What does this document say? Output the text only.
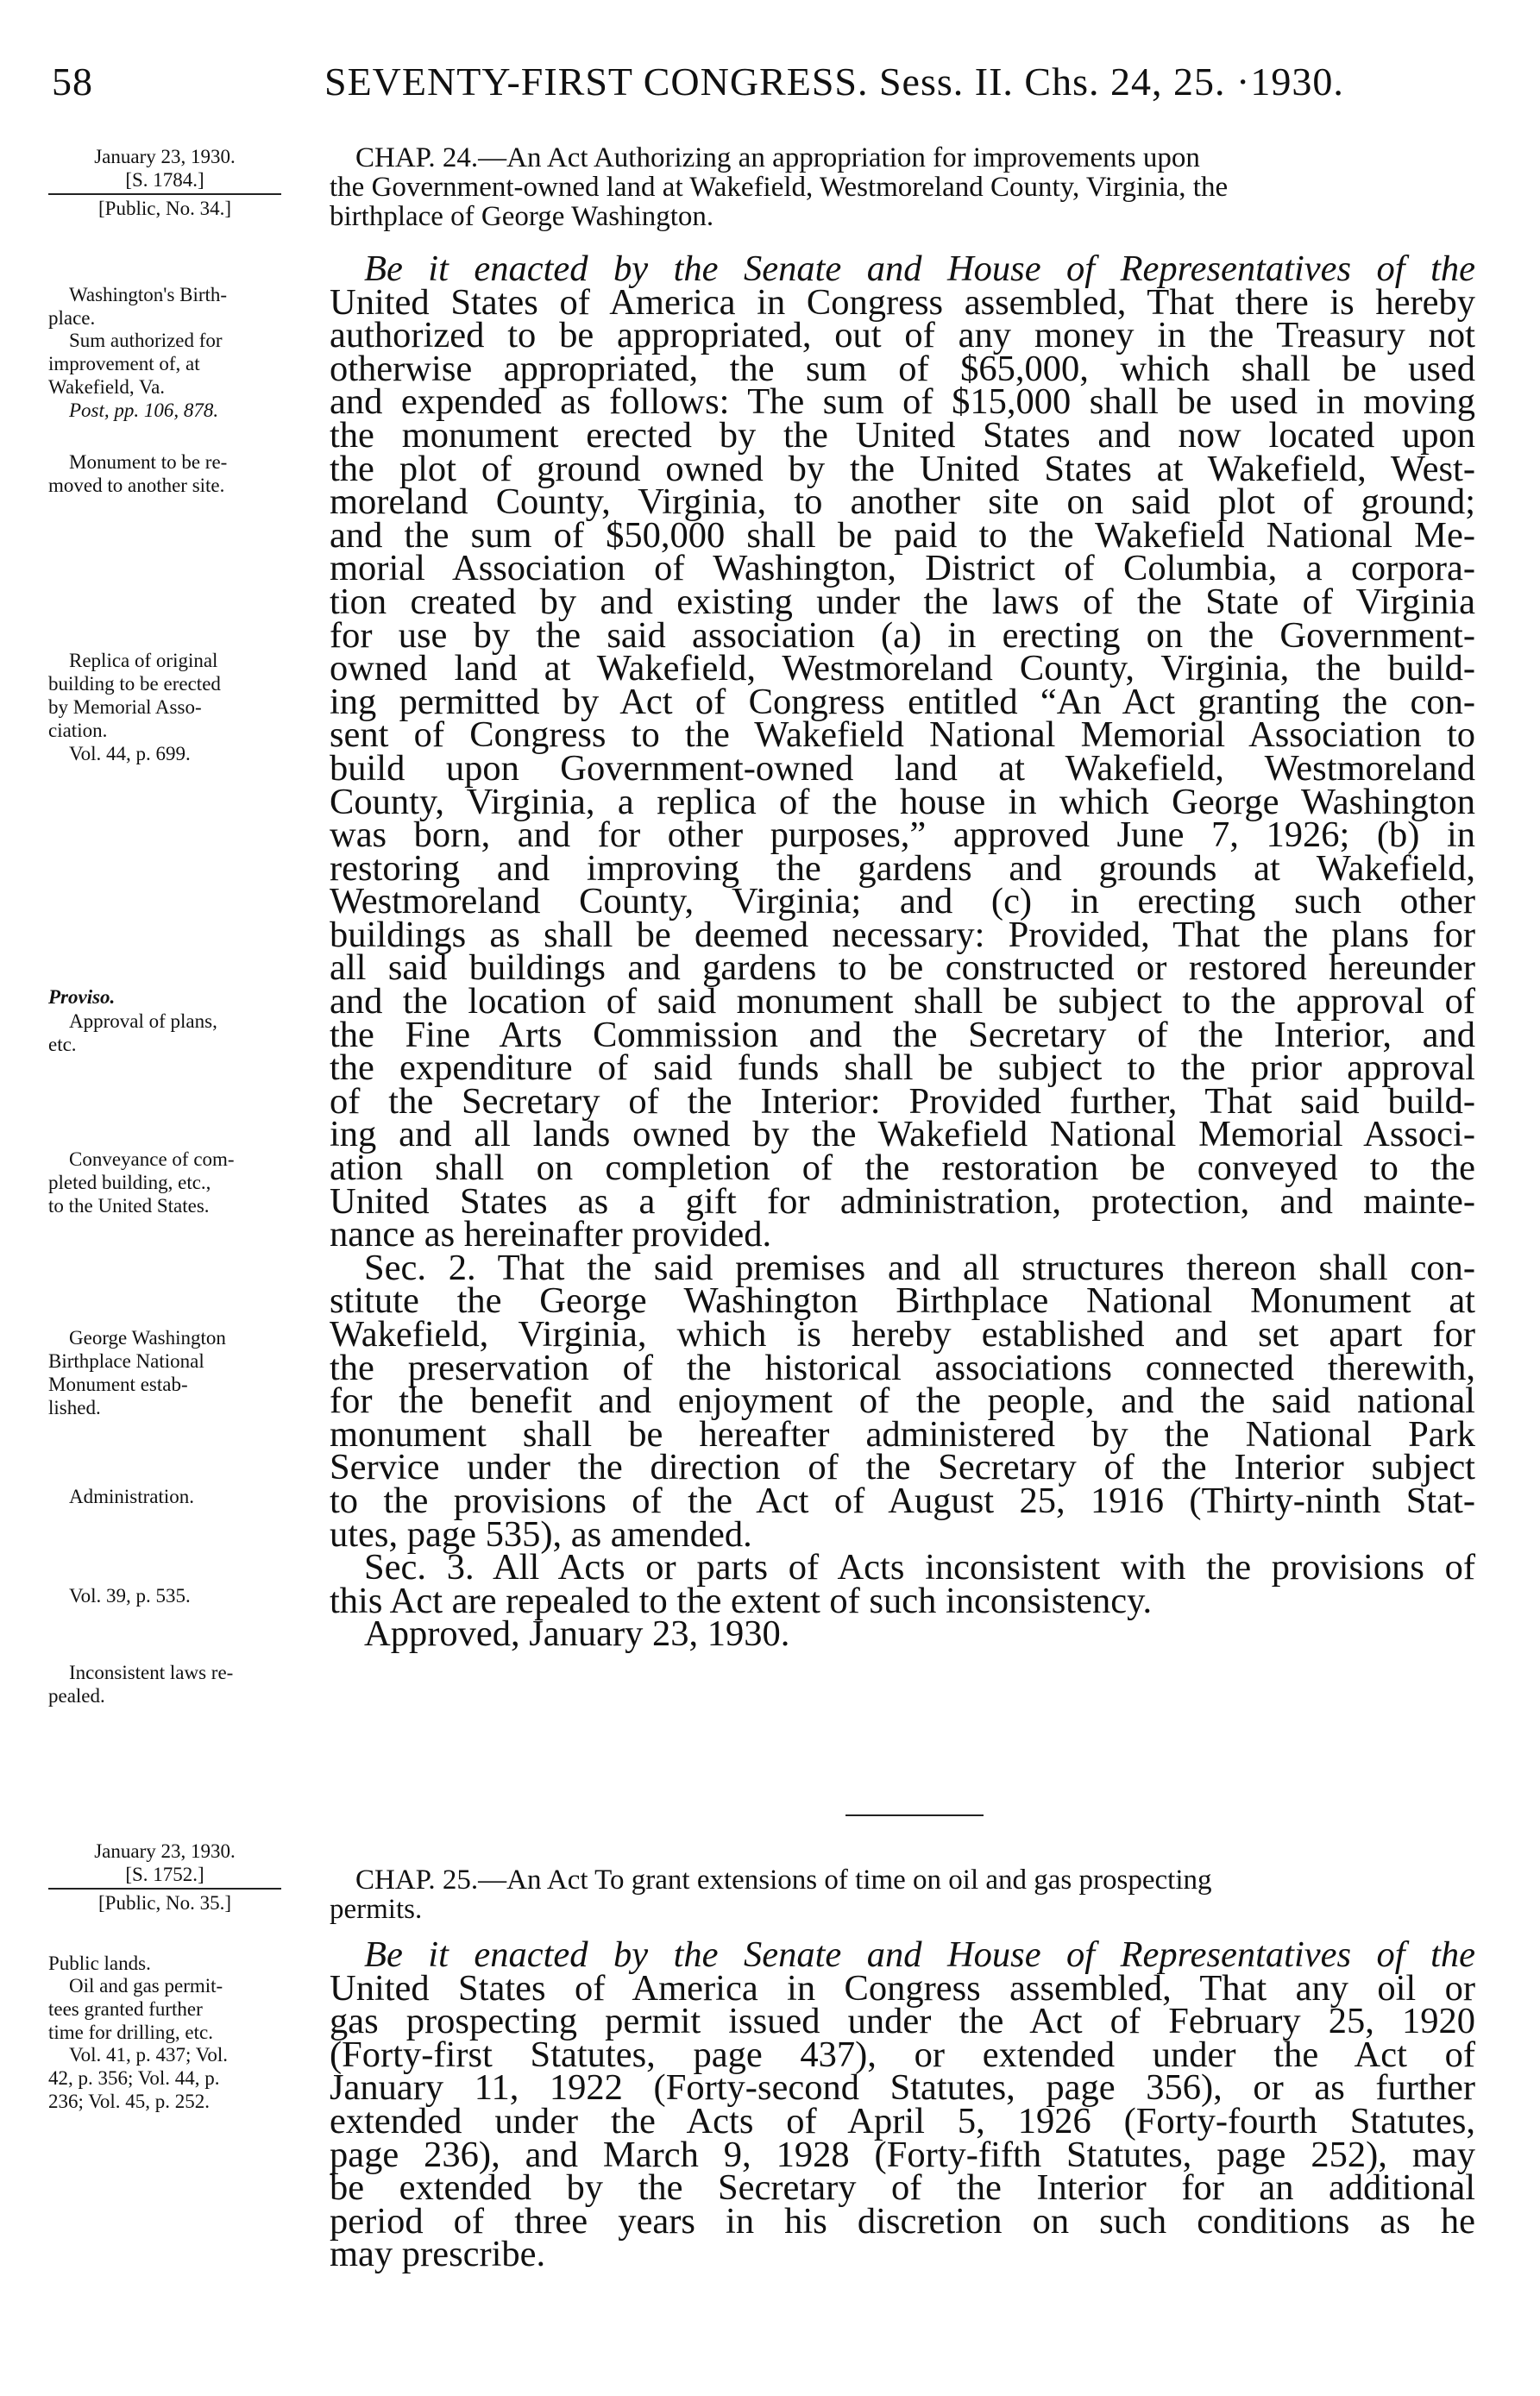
58	SEVENTY-FIRST CONGRESS. Sess. II. Chs. 24, 25. ·1930.
January 23, 1930.
[S. 1784.]
[Public, No. 34.]
CHAP. 24.—An Act Authorizing an appropriation for improvements upon
the Government-owned land at Wakefield, Westmoreland County, Virginia, the
birthplace of George Washington.
Be it enacted by the Senate and House of Representatives of the
United States of America in Congress assembled, That there is hereby
authorized to be appropriated, out of any money in the Treasury not
otherwise appropriated, the sum of $65,000, which shall be used
and expended as follows: The sum of $15,000 shall be used in moving
the monument erected by the United States and now located upon
the plot of ground owned by the United States at Wakefield, West-
moreland County, Virginia, to another site on said plot of ground;
and the sum of $50,000 shall be paid to the Wakefield National Me-
morial Association of Washington, District of Columbia, a corpora-
tion created by and existing under the laws of the State of Virginia
for use by the said association (a) in erecting on the Government-
owned land at Wakefield, Westmoreland County, Virginia, the build-
ing permitted by Act of Congress entitled “An Act granting the con-
sent of Congress to the Wakefield National Memorial Association to
build upon Government-owned land at Wakefield, Westmoreland
County, Virginia, a replica of the house in which George Washington
was born, and for other purposes,” approved June 7, 1926; (b) in
restoring and improving the gardens and grounds at Wakefield,
Westmoreland County, Virginia; and (c) in erecting such other
buildings as shall be deemed necessary: Provided, That the plans for
all said buildings and gardens to be constructed or restored hereunder
and the location of said monument shall be subject to the approval of
the Fine Arts Commission and the Secretary of the Interior, and
the expenditure of said funds shall be subject to the prior approval
of the Secretary of the Interior: Provided further, That said build-
ing and all lands owned by the Wakefield National Memorial Associ-
ation shall on completion of the restoration be conveyed to the
United States as a gift for administration, protection, and mainte-
nance as hereinafter provided.
Sec. 2. That the said premises and all structures thereon shall con-
stitute the George Washington Birthplace National Monument at
Wakefield, Virginia, which is hereby established and set apart for
the preservation of the historical associations connected therewith,
for the benefit and enjoyment of the people, and the said national
monument shall be hereafter administered by the National Park
Service under the direction of the Secretary of the Interior subject
to the provisions of the Act of August 25, 1916 (Thirty-ninth Stat-
utes, page 535), as amended.
Sec. 3. All Acts or parts of Acts inconsistent with the provisions of
this Act are repealed to the extent of such inconsistency.
Approved, January 23, 1930.
Washington's Birth-
place.
Sum authorized for
improvement of, at
Wakefield, Va.
Post, pp. 106, 878.
Monument to be re-
moved to another site.
Replica of original
building to be erected
by Memorial Asso-
ciation.
Vol. 44, p. 699.
Proviso.
Approval of plans,
etc.
Conveyance of com-
pleted building, etc.,
to the United States.
George Washington
Birthplace National
Monument estab-
lished.
Administration.
Vol. 39, p. 535.
Inconsistent laws re-
pealed.
January 23, 1930.
[S. 1752.]
[Public, No. 35.]
CHAP. 25.—An Act To grant extensions of time on oil and gas prospecting
permits.
Be it enacted by the Senate and House of Representatives of the
United States of America in Congress assembled, That any oil or
gas prospecting permit issued under the Act of February 25, 1920
(Forty-first Statutes, page 437), or extended under the Act of
January 11, 1922 (Forty-second Statutes, page 356), or as further
extended under the Acts of April 5, 1926 (Forty-fourth Statutes,
page 236), and March 9, 1928 (Forty-fifth Statutes, page 252), may
be extended by the Secretary of the Interior for an additional
period of three years in his discretion on such conditions as he
may prescribe.
Public lands.
Oil and gas permit-
tees granted further
time for drilling, etc.
Vol. 41, p. 437; Vol.
42, p. 356; Vol. 44, p.
236; Vol. 45, p. 252.
